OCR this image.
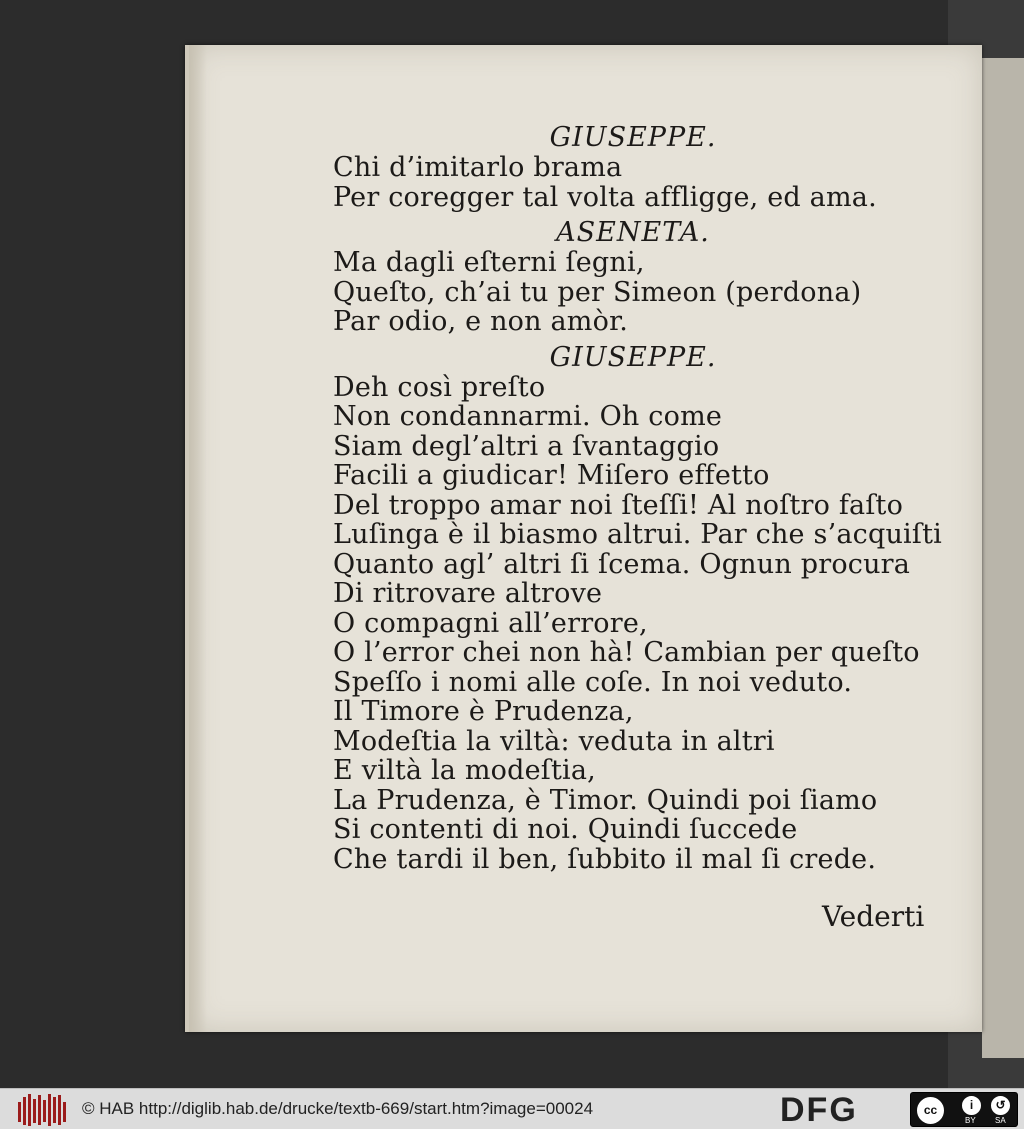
GIUSEPPE.
Chi d’imitarlo brama
Per coregger tal volta affligge, ed ama.
ASENETA.
Ma dagli eſterni ſegni,
Queſto, ch’ai tu per Simeon (perdona)
Par odio, e non amòr.
GIUSEPPE.
Deh così preſto
Non condannarmi. Oh come
Siam degl’altri a ſvantaggio
Facili a giudicar! Miſero effetto
Del troppo amar noi ſteſſi! Al noſtro faſto
Luſinga è il biasmo altrui. Par che s’acquiſti
Quanto agl’ altri ſi ſcema. Ognun procura
Di ritrovare altrove
O compagni all’errore,
O l’error chei non hà! Cambian per queſto
Speſſo i nomi alle coſe. In noi veduto.
Il Timore è Prudenza,
Modeſtia la viltà: veduta in altri
E viltà la modeſtia,
La Prudenza, è Timor. Quindi poi ſiamo
Si contenti di noi. Quindi ſuccede
Che tardi il ben, ſubbito il mal ſi crede.
Vederti
© HAB http://diglib.hab.de/drucke/textb-669/start.htm?image=00024	DFG	cc	i	↺
BY SA
